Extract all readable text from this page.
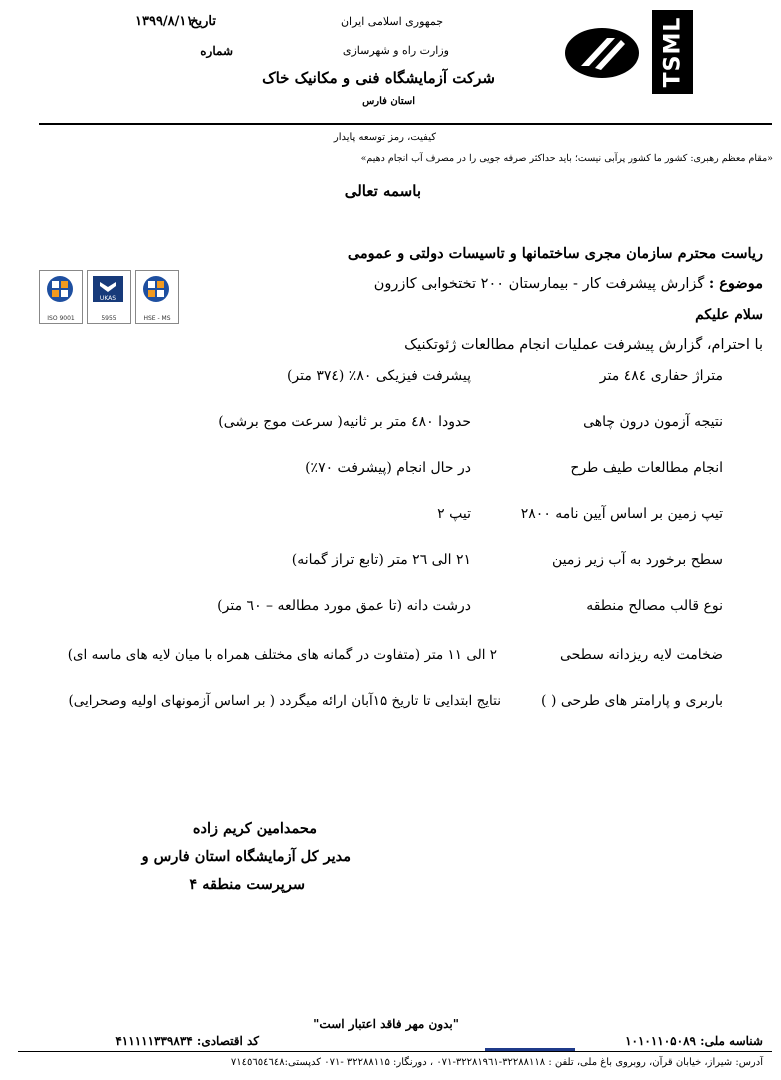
تاریخ
۱۳۹۹/۸/۱۱
شماره
جمهوری اسلامی ایران
وزارت راه و شهرسازی
شرکت آزمایشگاه فنی و مکانیک خاک
استان فارس
TSML
ISO 9001
UKAS
5955	HSE - MS
کیفیت، رمز توسعه پایدار
«مقام معظم رهبری: کشور ما کشور پرآبی نیست؛ باید حداکثر صرفه جویی را در مصرف آب انجام دهیم»
باسمه تعالی
ریاست محترم سازمان مجری ساختمانها و تاسیسات دولتی و عمومی
موضوع : گزارش پیشرفت کار - بیمارستان ۲۰۰ تختخوابی کازرون
سلام علیکم
با احترام، گزارش پیشرفت عملیات انجام مطالعات ژئوتکنیک
متراژ حفاری ٤٨٤ متر
پیشرفت فیزیکی ۸۰٪ (۳۷٤ متر)
نتیجه آزمون درون چاهی
حدودا ٤٨٠ متر بر ثانیه( سرعت موج برشی)
انجام مطالعات طیف طرح
در حال انجام (پیشرفت ۷۰٪)
تیپ زمین بر اساس آیین نامه ۲۸۰۰
تیپ ۲
سطح برخورد به آب زیر زمین
۲۱ الی ۲٦ متر (تابع تراز گمانه)
نوع قالب مصالح منطقه
درشت دانه (تا عمق مورد مطالعه – ٦۰ متر)
ضخامت لایه ریزدانه سطحی
۲ الی ۱۱ متر (متفاوت در گمانه های مختلف همراه با میان لایه های ماسه ای)
باربری و پارامتر های طرحی ( )
نتایج ابتدایی تا تاریخ ۱۵آبان ارائه میگردد ( بر اساس آزمونهای اولیه وصحرایی)
محمدامین کریم زاده
مدیر کل آزمایشگاه استان فارس و
سرپرست منطقه ۴
"بدون مهر فاقد اعتبار است"
شناسه ملی: ۱۰۱۰۱۱۰۵۰۸۹
کد اقتصادی: ۴۱۱۱۱۱۳۳۹۸۳۴
آدرس: شیراز، خیابان قرآن، روبروی باغ ملی، تلفن : ۳۲۲۸۸۱۱۸-۳۲۲۸۱۹٦۱-۰۷۱ ، دورنگار: ۳۲۲۸۸۱۱۵ -۰۷۱ کدپستی:۷۱٤٥٦٥٤٦٤۸
